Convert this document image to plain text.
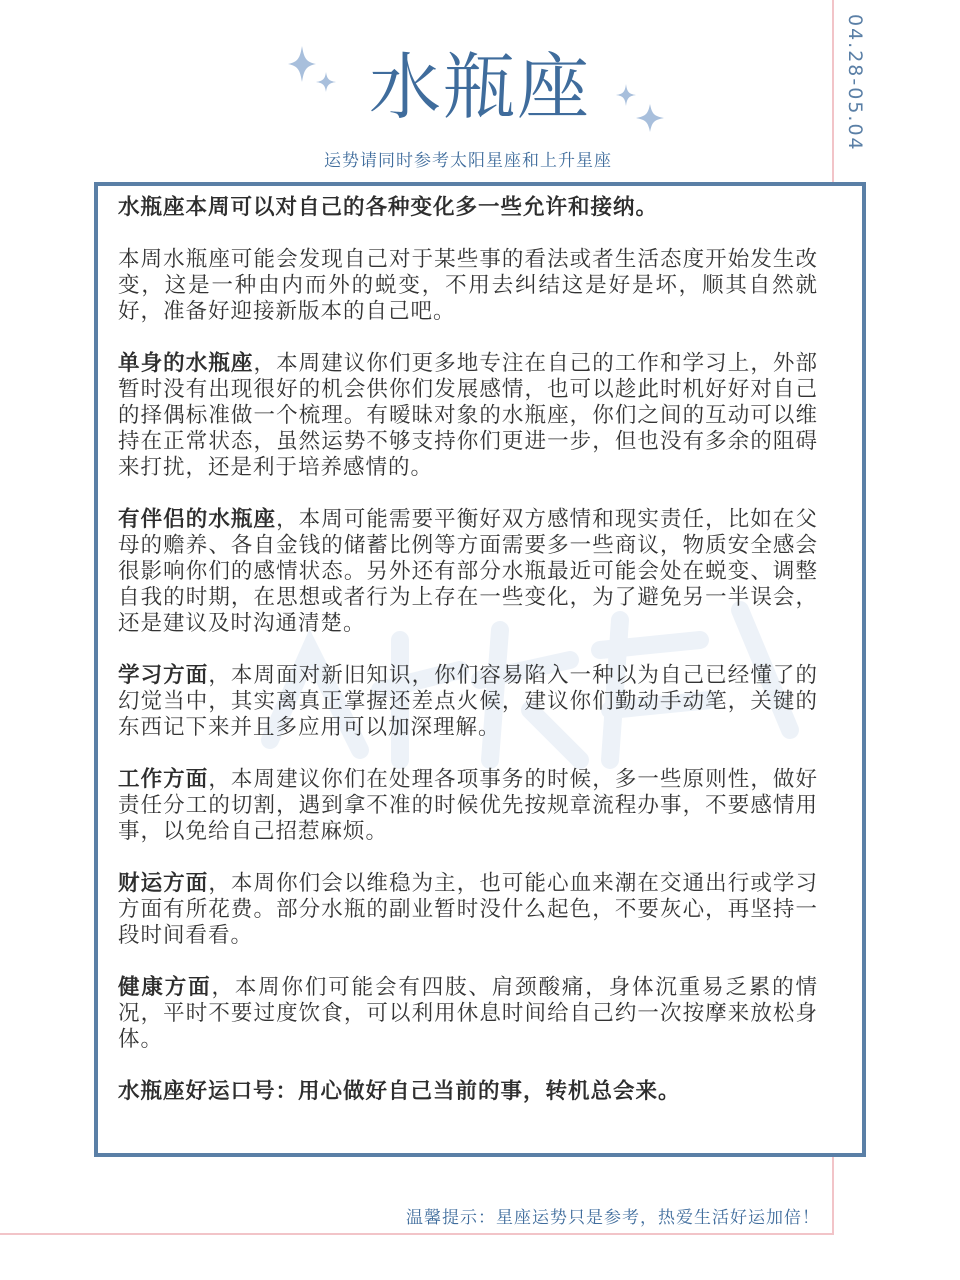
04.28-05.04
水瓶座
运势请同时参考太阳星座和上升星座

水瓶座本周可以对自己的各种变化多一些允许和接纳。

本周水瓶座可能会发现自己对于某些事的看法或者生活态度开始发生改变，这是一种由内而外的蜕变，不用去纠结这是好是坏，顺其自然就好，准备好迎接新版本的自己吧。

单身的水瓶座，本周建议你们更多地专注在自己的工作和学习上，外部暂时没有出现很好的机会供你们发展感情，也可以趁此时机好好对自己的择偶标准做一个梳理。有暧昧对象的水瓶座，你们之间的互动可以维持在正常状态，虽然运势不够支持你们更进一步，但也没有多余的阻碍来打扰，还是利于培养感情的。

有伴侣的水瓶座，本周可能需要平衡好双方感情和现实责任，比如在父母的赡养、各自金钱的储蓄比例等方面需要多一些商议，物质安全感会很影响你们的感情状态。另外还有部分水瓶最近可能会处在蜕变、调整自我的时期，在思想或者行为上存在一些变化，为了避免另一半误会，还是建议及时沟通清楚。

学习方面，本周面对新旧知识，你们容易陷入一种以为自己已经懂了的幻觉当中，其实离真正掌握还差点火候，建议你们勤动手动笔，关键的东西记下来并且多应用可以加深理解。

工作方面，本周建议你们在处理各项事务的时候，多一些原则性，做好责任分工的切割，遇到拿不准的时候优先按规章流程办事，不要感情用事，以免给自己招惹麻烦。

财运方面，本周你们会以维稳为主，也可能心血来潮在交通出行或学习方面有所花费。部分水瓶的副业暂时没什么起色，不要灰心，再坚持一段时间看看。

健康方面，本周你们可能会有四肢、肩颈酸痛，身体沉重易乏累的情况，平时不要过度饮食，可以利用休息时间给自己约一次按摩来放松身体。

水瓶座好运口号：用心做好自己当前的事，转机总会来。

温馨提示：星座运势只是参考，热爱生活好运加倍！
